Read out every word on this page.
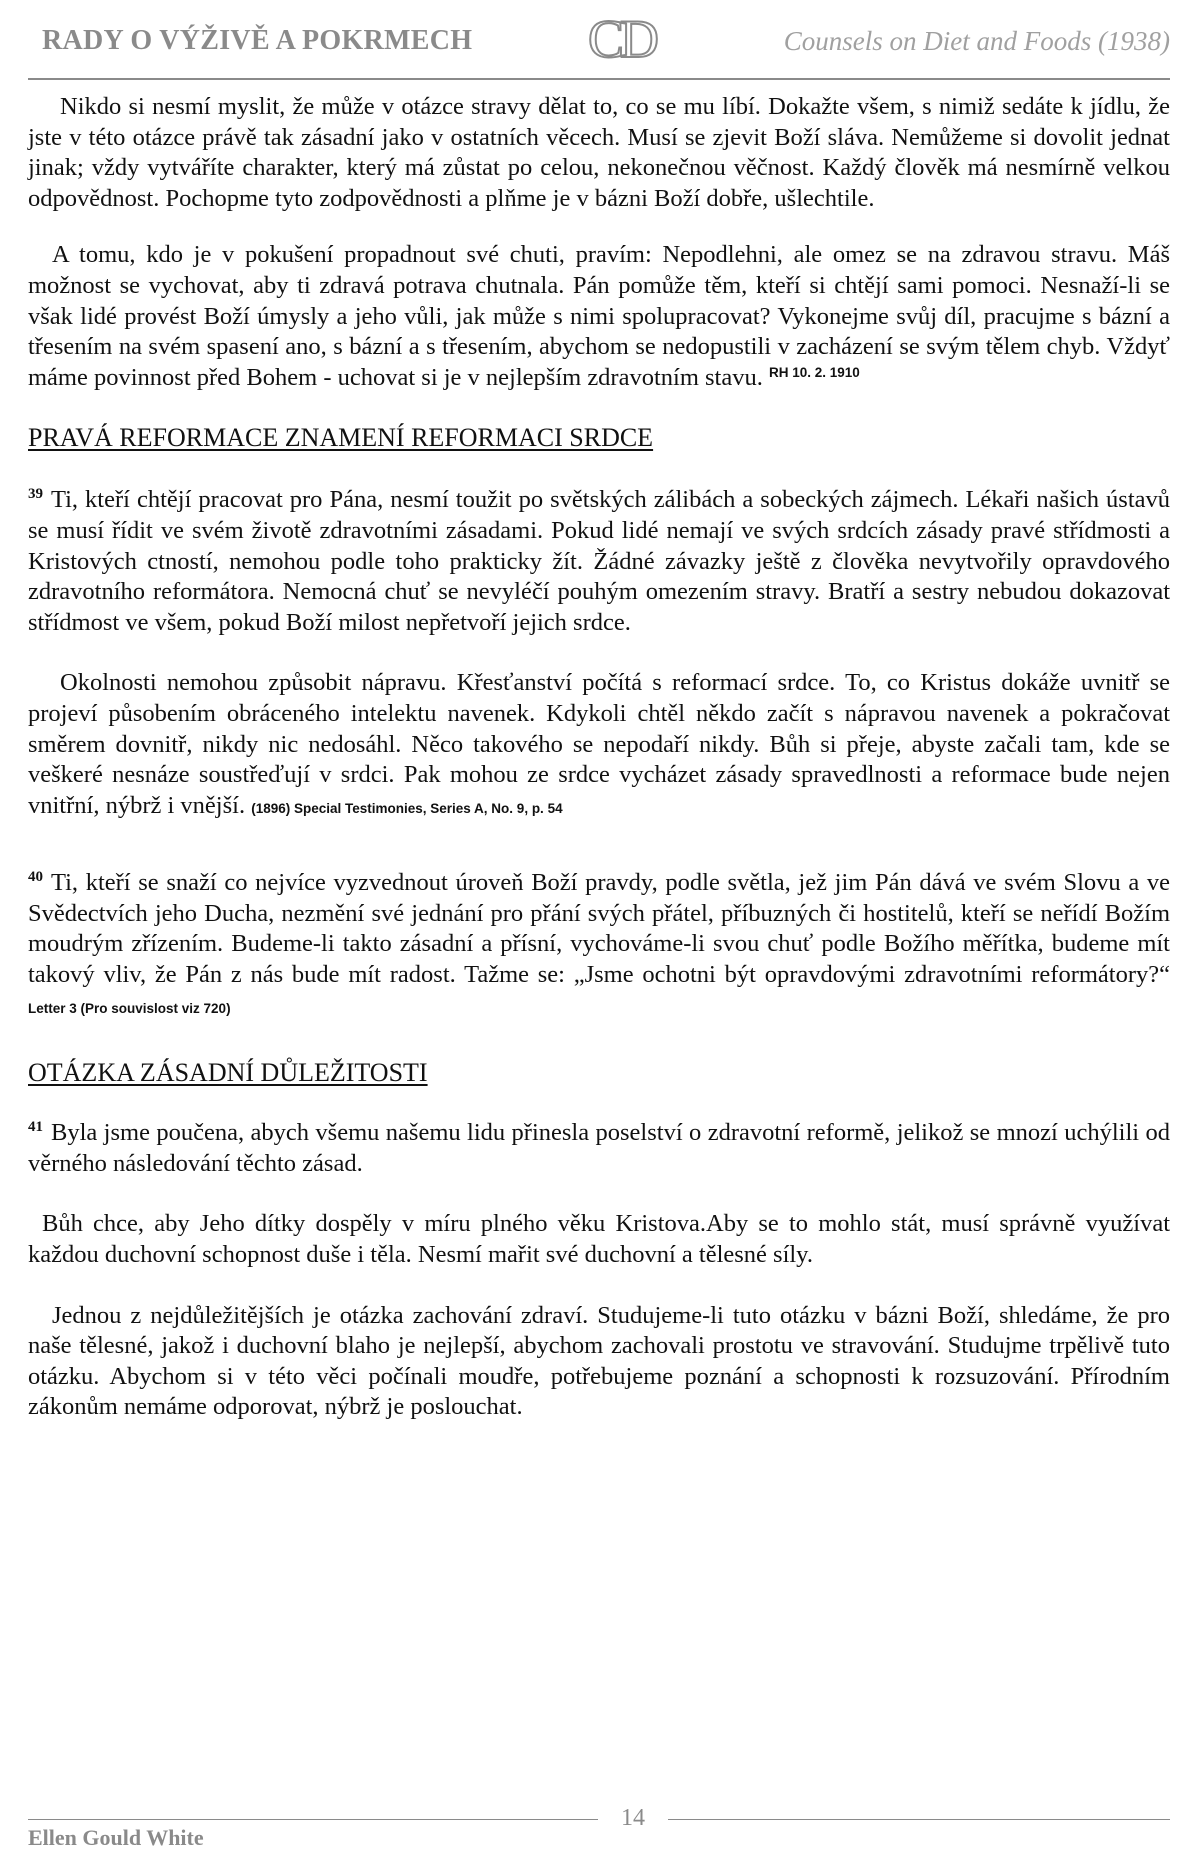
RADY O VÝŽIVĚ A POKRMECH CD	Counsels on Diet and Foods (1938)

Nikdo si nesmí myslit, že může v otázce stravy dělat to, co se mu líbí. Dokažte všem, s nimiž sedáte k jídlu, že jste v této otázce právě tak zásadní jako v ostatních věcech. Musí se zjevit Boží sláva. Nemůžeme si dovolit jednat jinak; vždy vytváříte charakter, který má zůstat po celou, nekonečnou věčnost. Každý člověk má nesmírně velkou odpovědnost. Pochopme tyto zodpovědnosti a plňme je v bázni Boží dobře, ušlechtile.

A tomu, kdo je v pokušení propadnout své chuti, pravím: Nepodlehni, ale omez se na zdravou stravu. Máš možnost se vychovat, aby ti zdravá potrava chutnala. Pán pomůže těm, kteří si chtějí sami pomoci. Nesnaží-li se však lidé provést Boží úmysly a jeho vůli, jak může s nimi spolupracovat? Vykonejme svůj díl, pracujme s bázní a třesením na svém spasení ano, s bázní a s třesením, abychom se nedopustili v zacházení se svým tělem chyb. Vždyť máme povinnost před Bohem - uchovat si je v nejlepším zdravotním stavu. $^{RH 10. 2. 1910}$

PRAVÁ REFORMACE ZNAMENÍ REFORMACI SRDCE

$^{39}$ Ti, kteří chtějí pracovat pro Pána, nesmí toužit po světských zálibách a sobeckých zájmech. Lékaři našich ústavů se musí řídit ve svém životě zdravotními zásadami. Pokud lidé nemají ve svých srdcích zásady pravé střídmosti a Kristových ctností, nemohou podle toho prakticky žít. Žádné závazky ještě z člověka nevytvořily opravdového zdravotního reformátora. Nemocná chuť se nevyléčí pouhým omezením stravy. Bratří a sestry nebudou dokazovat střídmost ve všem, pokud Boží milost nepřetvoří jejich srdce.

Okolnosti nemohou způsobit nápravu. Křesťanství počítá s reformací srdce. To, co Kristus dokáže uvnitř se projeví působením obráceného intelektu navenek. Kdykoli chtěl někdo začít s nápravou navenek a pokračovat směrem dovnitř, nikdy nic nedosáhl. Něco takového se nepodaří nikdy. Bůh si přeje, abyste začali tam, kde se veškeré nesnáze soustřeďují v srdci. Pak mohou ze srdce vycházet zásady spravedlnosti a reformace bude nejen vnitřní, nýbrž i vnější. (1896) Special Testimonies, Series A, No. 9, p. 54

$^{40}$ Ti, kteří se snaží co nejvíce vyzvednout úroveň Boží pravdy, podle světla, jež jim Pán dává ve svém Slovu a ve Svědectvích jeho Ducha, nezmění své jednání pro přání svých přátel, příbuzných či hostitelů, kteří se neřídí Božím moudrým zřízením. Budeme-li takto zásadní a přísní, vychováme-li svou chuť podle Božího měřítka, budeme mít takový vliv, že Pán z nás bude mít radost. Tažme se: „Jsme ochotni být opravdovými zdravotními reformátory?“ Letter 3 (Pro souvislost viz 720)

OTÁZKA ZÁSADNÍ DŮLEŽITOSTI

$^{41}$ Byla jsme poučena, abych všemu našemu lidu přinesla poselství o zdravotní reformě, jelikož se mnozí uchýlili od věrného následování těchto zásad.

Bůh chce, aby Jeho dítky dospěly v míru plného věku Kristova.Aby se to mohlo stát, musí správně využívat každou duchovní schopnost duše i těla. Nesmí mařit své duchovní a tělesné síly.

Jednou z nejdůležitějších je otázka zachování zdraví. Studujeme-li tuto otázku v bázni Boží, shledáme, že pro naše tělesné, jakož i duchovní blaho je nejlepší, abychom zachovali prostotu ve stravování. Studujme trpělivě tuto otázku. Abychom si v této věci počínali moudře, potřebujeme poznání a schopnosti k rozsuzování. Přírodním zákonům nemáme odporovat, nýbrž je poslouchat.

14
Ellen Gould White
